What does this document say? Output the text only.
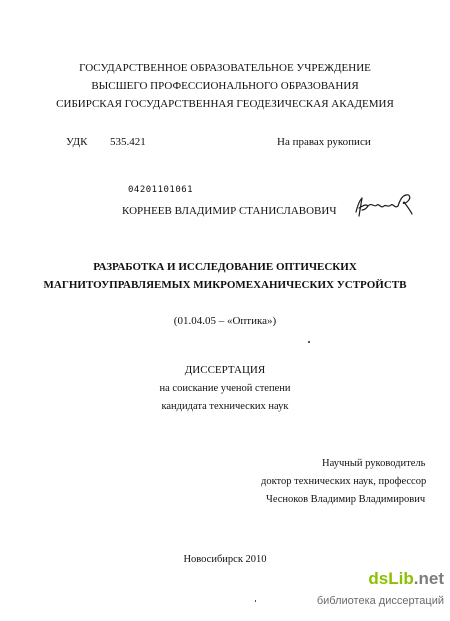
ГОСУДАРСТВЕННОЕ ОБРАЗОВАТЕЛЬНОЕ УЧРЕЖДЕНИЕ
ВЫСШЕГО ПРОФЕССИОНАЛЬНОГО ОБРАЗОВАНИЯ
СИБИРСКАЯ ГОСУДАРСТВЕННАЯ ГЕОДЕЗИЧЕСКАЯ АКАДЕМИЯ
УДК 535.421	На правах рукописи
04201101061
КОРНЕЕВ ВЛАДИМИР СТАНИСЛАВОВИЧ
РАЗРАБОТКА И ИССЛЕДОВАНИЕ ОПТИЧЕСКИХ
МАГНИТОУПРАВЛЯЕМЫХ МИКРОМЕХАНИЧЕСКИХ УСТРОЙСТВ
(01.04.05 – «Оптика»)
ДИССЕРТАЦИЯ
на соискание ученой степени
кандидата технических наук
Научный руководитель
доктор технических наук, профессор
Чесноков Владимир Владимирович
Новосибирск 2010
dsLib.net
библиотека диссертаций
